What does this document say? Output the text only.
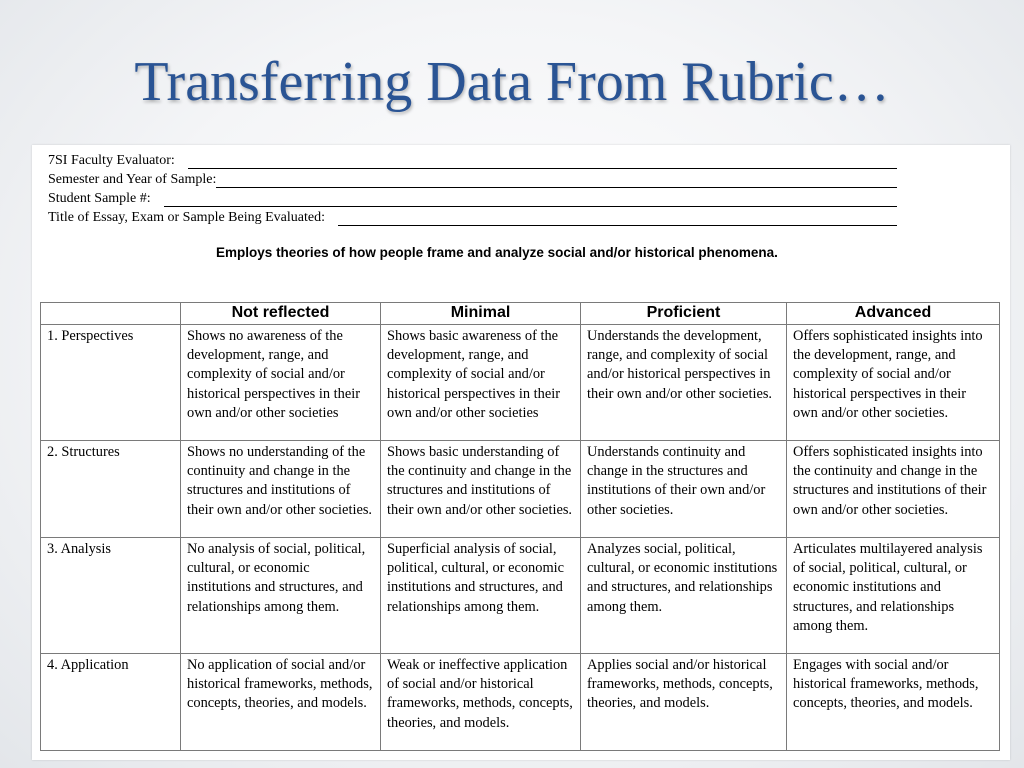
Transferring Data From Rubric…
7SI Faculty Evaluator:
Semester and Year of Sample:
Student Sample #:
Title of Essay, Exam or Sample Being Evaluated:
Employs theories of how people frame and analyze social and/or historical phenomena.
	Not reflected	Minimal	Proficient	Advanced
1. Perspectives	Shows no awareness of the development, range, and complexity of social and/or historical perspectives in their own and/or other societies	Shows basic awareness of the development, range, and complexity of social and/or historical perspectives in their own and/or other societies	Understands the development, range, and complexity of social and/or historical perspectives in their own and/or other societies.	Offers sophisticated insights into the development, range, and complexity of social and/or historical perspectives in their own and/or other societies.
2. Structures	Shows no understanding of the continuity and change in the structures and institutions of their own and/or other societies.	Shows basic understanding of the continuity and change in the structures and institutions of their own and/or other societies.	Understands continuity and change in the structures and institutions of their own and/or other societies.	Offers sophisticated insights into the continuity and change in the structures and institutions of their own and/or other societies.
3. Analysis	No analysis of social, political, cultural, or economic institutions and structures, and relationships among them.	Superficial analysis of social, political, cultural, or economic institutions and structures, and relationships among them.	Analyzes social, political, cultural, or economic institutions and structures, and relationships among them.	Articulates multilayered analysis of social, political, cultural, or economic institutions and structures, and relationships among them.
4. Application	No application of social and/or historical frameworks, methods, concepts, theories, and models.	Weak or ineffective application of social and/or historical frameworks, methods, concepts, theories, and models.	Applies social and/or historical frameworks, methods, concepts, theories, and models.	Engages with social and/or historical frameworks, methods, concepts, theories, and models.
